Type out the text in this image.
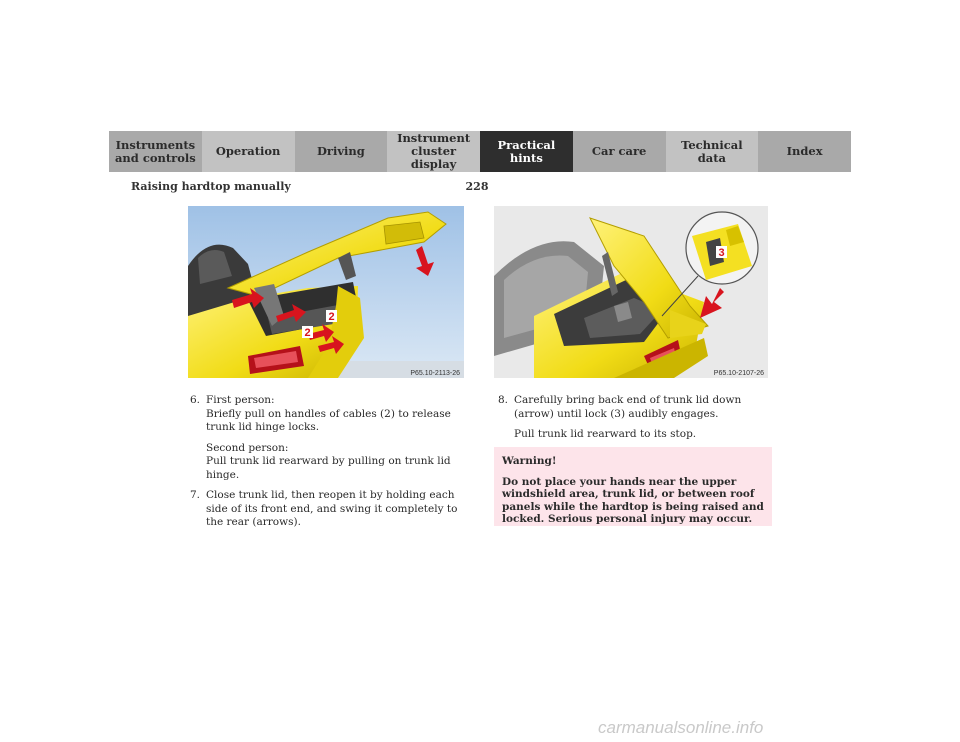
Instruments
and controls Operation	Driving
Instrument
cluster display
Practical hints	Car care	Technical
data	Index
Raising hardtop manually	228
2
2
P65.10-2113-26
3
P65.10-2107-26
6. First person:
Briefly pull on handles of cables (2) to release trunk lid hinge locks.
Second person:
Pull trunk lid rearward by pulling on trunk lid hinge.
7. Close trunk lid, then reopen it by holding each side of its front end, and swing it completely to the rear (arrows).
8. Carefully bring back end of trunk lid down (arrow) until lock (3) audibly engages.
Pull trunk lid rearward to its stop.
Warning!
Do not place your hands near the upper windshield area, trunk lid, or between roof panels while the hardtop is being raised and locked. Serious personal injury may occur.
carmanualsonline.info
